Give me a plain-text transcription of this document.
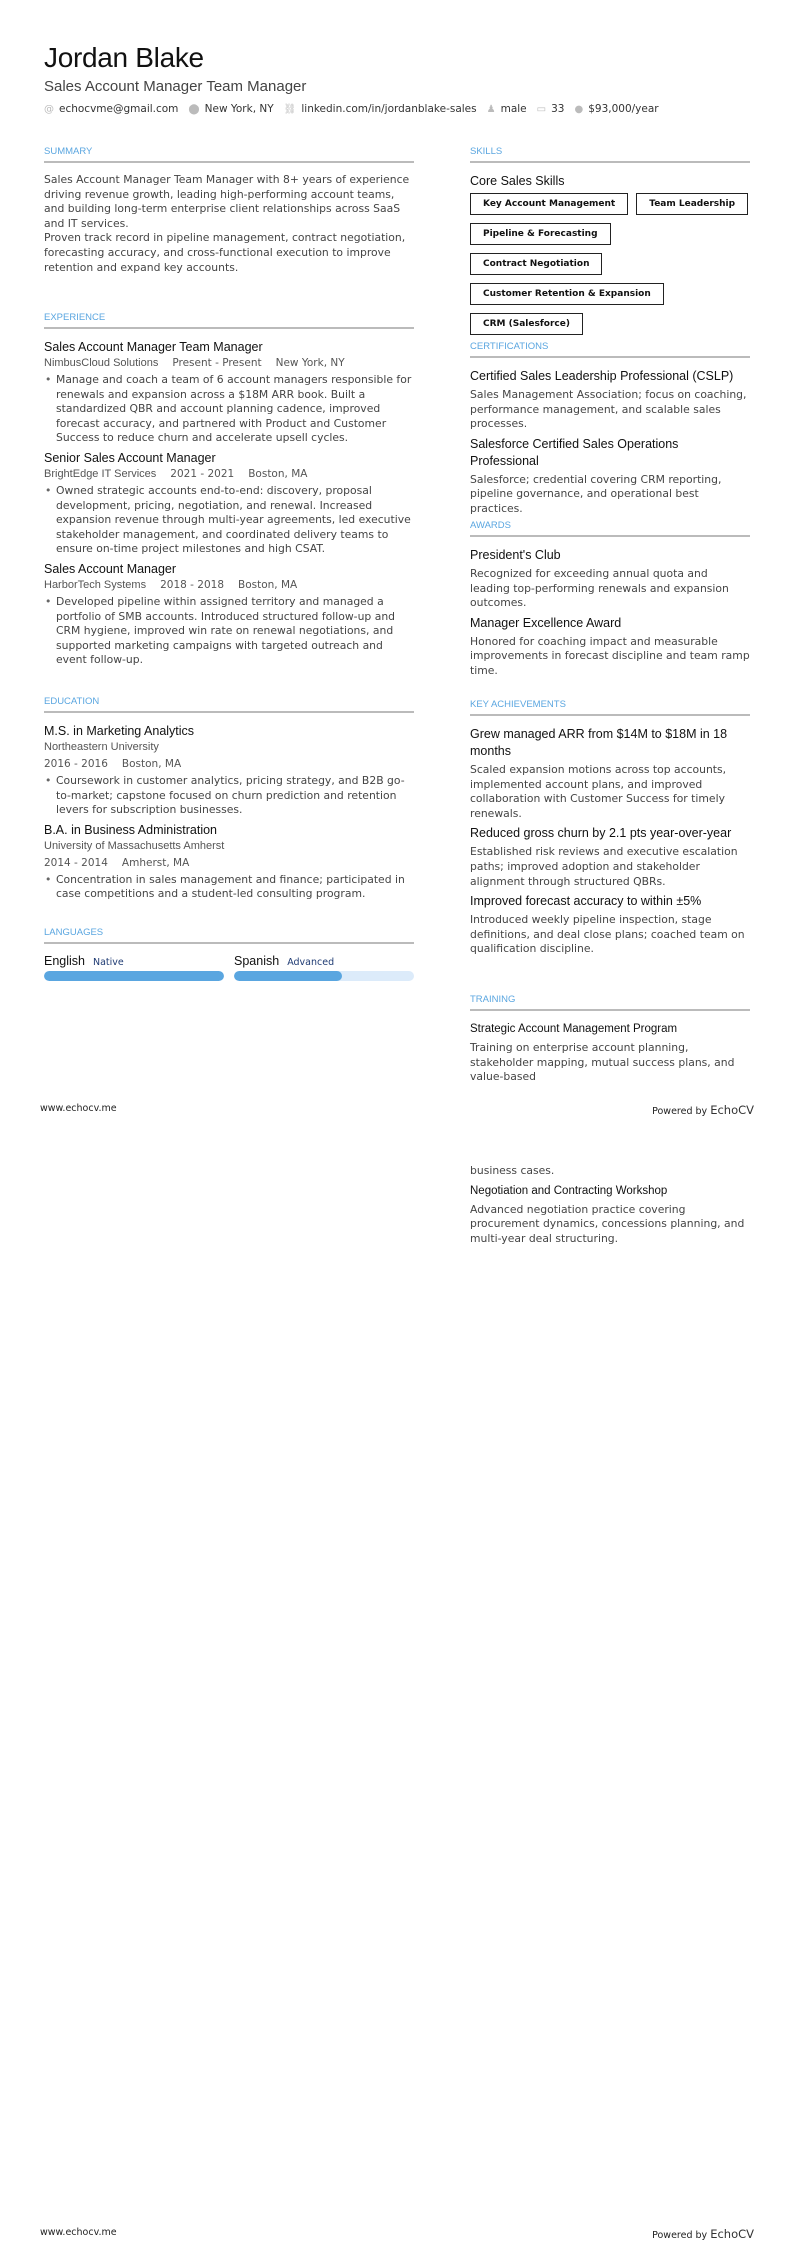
Jordan Blake
Sales Account Manager Team Manager
@ echocvme@gmail.com ⬤ New York, NY ⛓ linkedin.com/in/jordanblake-sales ♟ male ▭ 33 ● $93,000/year
SUMMARY

Sales Account Manager Team Manager with 8+ years of experience driving revenue growth, leading high-performing account teams, and building long-term enterprise client relationships across SaaS and IT services.

Proven track record in pipeline management, contract negotiation, forecasting accuracy, and cross-functional execution to improve retention and expand key accounts.

EXPERIENCE
Sales Account Manager Team Manager
NimbusCloud Solutions Present - Present New York, NY
• Manage and coach a team of 6 account managers responsible for renewals and expansion across a $18M ARR book. Built a standardized QBR and account planning cadence, improved forecast accuracy, and partnered with Product and Customer Success to reduce churn and accelerate upsell cycles.
Senior Sales Account Manager
BrightEdge IT Services 2021 - 2021 Boston, MA
• Owned strategic accounts end-to-end: discovery, proposal development, pricing, negotiation, and renewal. Increased expansion revenue through multi-year agreements, led executive stakeholder management, and coordinated delivery teams to ensure on-time project milestones and high CSAT.
Sales Account Manager
HarborTech Systems 2018 - 2018 Boston, MA
• Developed pipeline within assigned territory and managed a portfolio of SMB accounts. Introduced structured follow-up and CRM hygiene, improved win rate on renewal negotiations, and supported marketing campaigns with targeted outreach and event follow-up.
EDUCATION
M.S. in Marketing Analytics
Northeastern University
2016 - 2016 Boston, MA
• Coursework in customer analytics, pricing strategy, and B2B go-to-market; capstone focused on churn prediction and retention levers for subscription businesses.
B.A. in Business Administration
University of Massachusetts Amherst
2014 - 2014 Amherst, MA
• Concentration in sales management and finance; participated in case competitions and a student-led consulting program.
LANGUAGES
English Native	Spanish Advanced
SKILLS
Core Sales Skills
Key Account Management	Team Leadership
Pipeline & Forecasting
Contract Negotiation
Customer Retention & Expansion
CRM (Salesforce)
CERTIFICATIONS
Certified Sales Leadership Professional (CSLP)

Sales Management Association; focus on coaching, performance management, and scalable sales processes.

Salesforce Certified Sales Operations Professional

Salesforce; credential covering CRM reporting, pipeline governance, and operational best practices.

AWARDS
President's Club

Recognized for exceeding annual quota and leading top-performing renewals and expansion outcomes.

Manager Excellence Award

Honored for coaching impact and measurable improvements in forecast discipline and team ramp time.

KEY ACHIEVEMENTS
Grew managed ARR from $14M to $18M in 18 months

Scaled expansion motions across top accounts, implemented account plans, and improved collaboration with Customer Success for timely renewals.

Reduced gross churn by 2.1 pts year-over-year

Established risk reviews and executive escalation paths; improved adoption and stakeholder alignment through structured QBRs.

Improved forecast accuracy to within ±5%

Introduced weekly pipeline inspection, stage definitions, and deal close plans; coached team on qualification discipline.

TRAINING
Strategic Account Management Program

Training on enterprise account planning, stakeholder mapping, mutual success plans, and value-based

www.echocv.me	Powered by EchoCV

business cases.

Negotiation and Contracting Workshop

Advanced negotiation practice covering procurement dynamics, concessions planning, and multi-year deal structuring.

www.echocv.me	Powered by EchoCV
